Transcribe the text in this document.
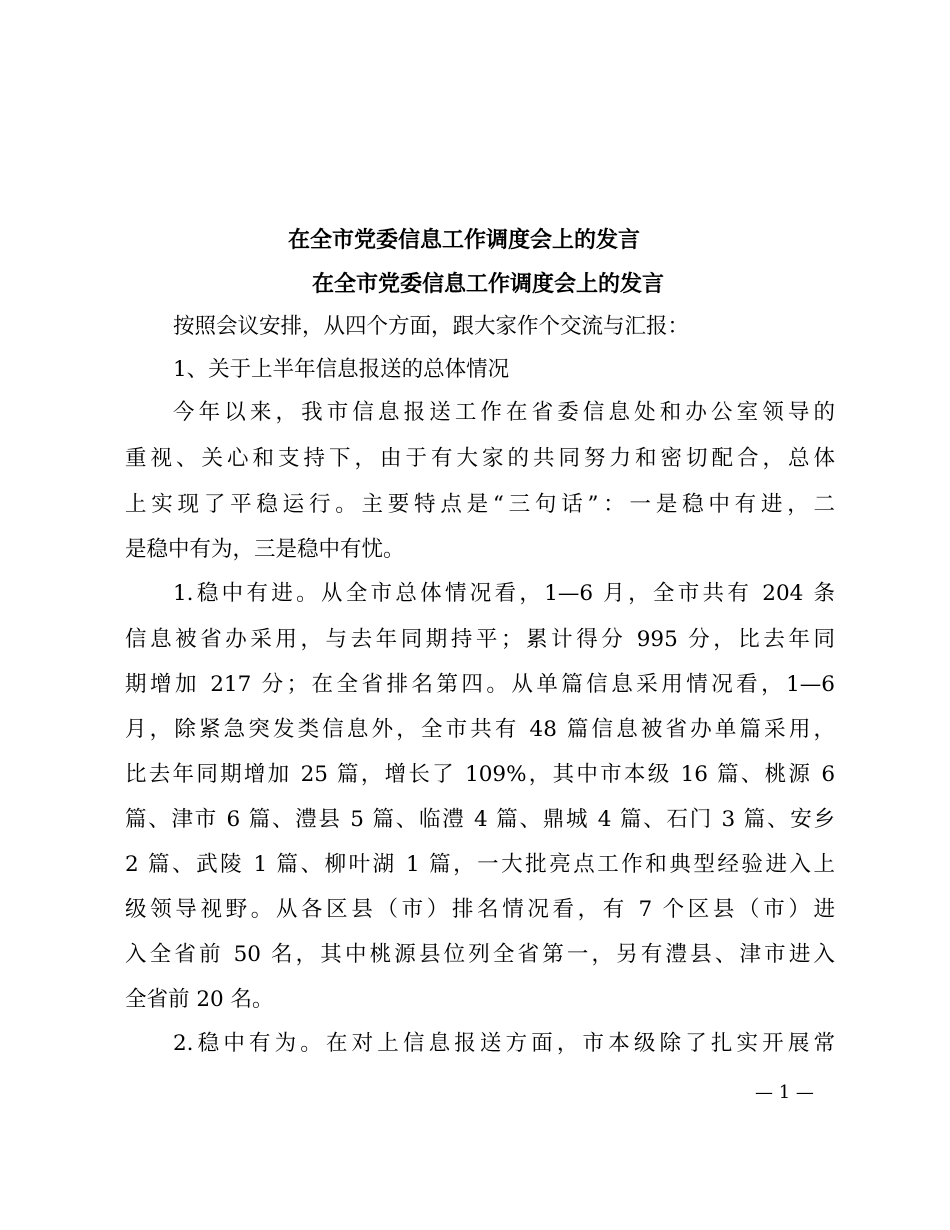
在全市党委信息工作调度会上的发言
在全市党委信息工作调度会上的发言
按照会议安排，从四个方面，跟大家作个交流与汇报：
1、关于上半年信息报送的总体情况
今年以来，我市信息报送工作在省委信息处和办公室领导的
重视、关心和支持下，由于有大家的共同努力和密切配合，总体
上实现了平稳运行。主要特点是“三句话”：一是稳中有进，二
是稳中有为，三是稳中有忧。
1.稳中有进。从全市总体情况看，1—6 月，全市共有 204 条
信息被省办采用，与去年同期持平；累计得分 995 分，比去年同
期增加 217 分；在全省排名第四。从单篇信息采用情况看，1—6
月，除紧急突发类信息外，全市共有 48 篇信息被省办单篇采用，
比去年同期增加 25 篇，增长了 109%，其中市本级 16 篇、桃源 6
篇、津市 6 篇、澧县 5 篇、临澧 4 篇、鼎城 4 篇、石门 3 篇、安乡
2 篇、武陵 1 篇、柳叶湖 1 篇，一大批亮点工作和典型经验进入上
级领导视野。从各区县（市）排名情况看，有 7 个区县（市）进
入全省前 50 名，其中桃源县位列全省第一，另有澧县、津市进入
全省前 20 名。
2.稳中有为。在对上信息报送方面，市本级除了扎实开展常
— 1 —
